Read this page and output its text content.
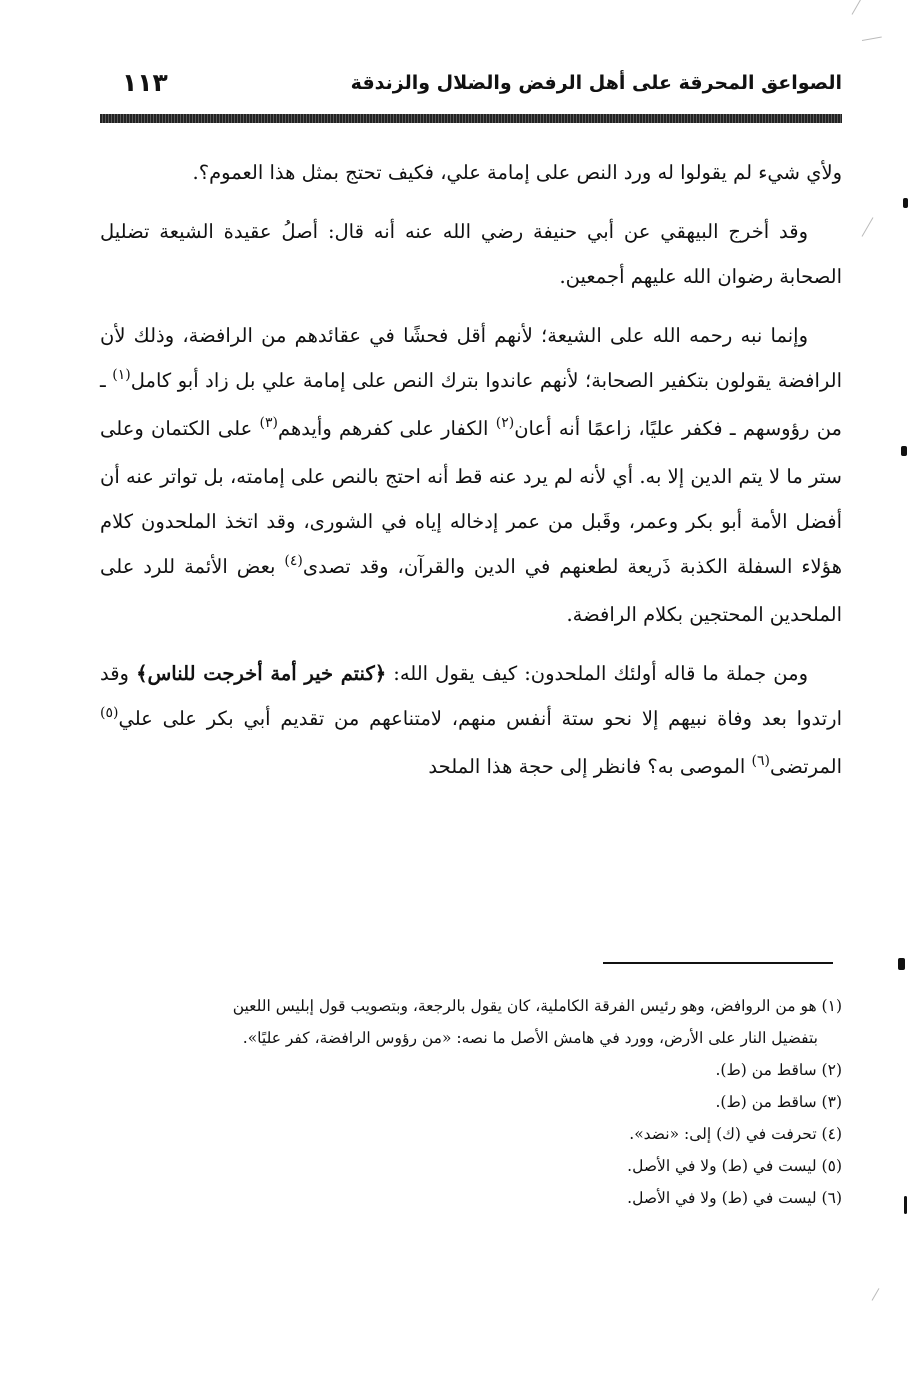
الصواعق المحرقة على أهل الرفض والضلال والزندقة
١١٣

ولأي شيء لم يقولوا له ورد النص على إمامة علي، فكيف تحتج بمثل هذا العموم؟.

وقد أخرج البيهقي عن أبي حنيفة رضي الله عنه أنه قال: أصلُ عقيدة الشيعة تضليل الصحابة رضوان الله عليهم أجمعين.

وإنما نبه رحمه الله على الشيعة؛ لأنهم أقل فحشًا في عقائدهم من الرافضة، وذلك لأن الرافضة يقولون بتكفير الصحابة؛ لأنهم عاندوا بترك النص على إمامة علي بل زاد أبو كامل$^{(١)}$ ـ من رؤوسهم ـ فكفر عليًا، زاعمًا أنه أعان$^{(٢)}$ الكفار على كفرهم وأيدهم$^{(٣)}$ على الكتمان وعلى ستر ما لا يتم الدين إلا به. أي لأنه لم يرد عنه قط أنه احتج بالنص على إمامته، بل تواتر عنه أن أفضل الأمة أبو بكر وعمر، وقَبل من عمر إدخاله إياه في الشورى، وقد اتخذ الملحدون كلام هؤلاء السفلة الكذبة ذَريعة لطعنهم في الدين والقرآن، وقد تصدى$^{(٤)}$ بعض الأئمة للرد على الملحدين المحتجين بكلام الرافضة.

ومن جملة ما قاله أولئك الملحدون: كيف يقول الله: ﴿كنتم خير أمة أخرجت للناس﴾ وقد ارتدوا بعد وفاة نبيهم إلا نحو ستة أنفس منهم، لامتناعهم من تقديم أبي بكر على علي$^{(٥)}$ المرتضى$^{(٦)}$ الموصى به؟ فانظر إلى حجة هذا الملحد

(١) هو من الروافض، وهو رئيس الفرقة الكاملية، كان يقول بالرجعة، وبتصويب قول إبليس اللعين
بتفضيل النار على الأرض، وورد في هامش الأصل ما نصه: «من رؤوس الرافضة، كفر عليًا».

(٢) ساقط من (ط).

(٣) ساقط من (ط).

(٤) تحرفت في (ك) إلى: «نضد».

(٥) ليست في (ط) ولا في الأصل.

(٦) ليست في (ط) ولا في الأصل.
